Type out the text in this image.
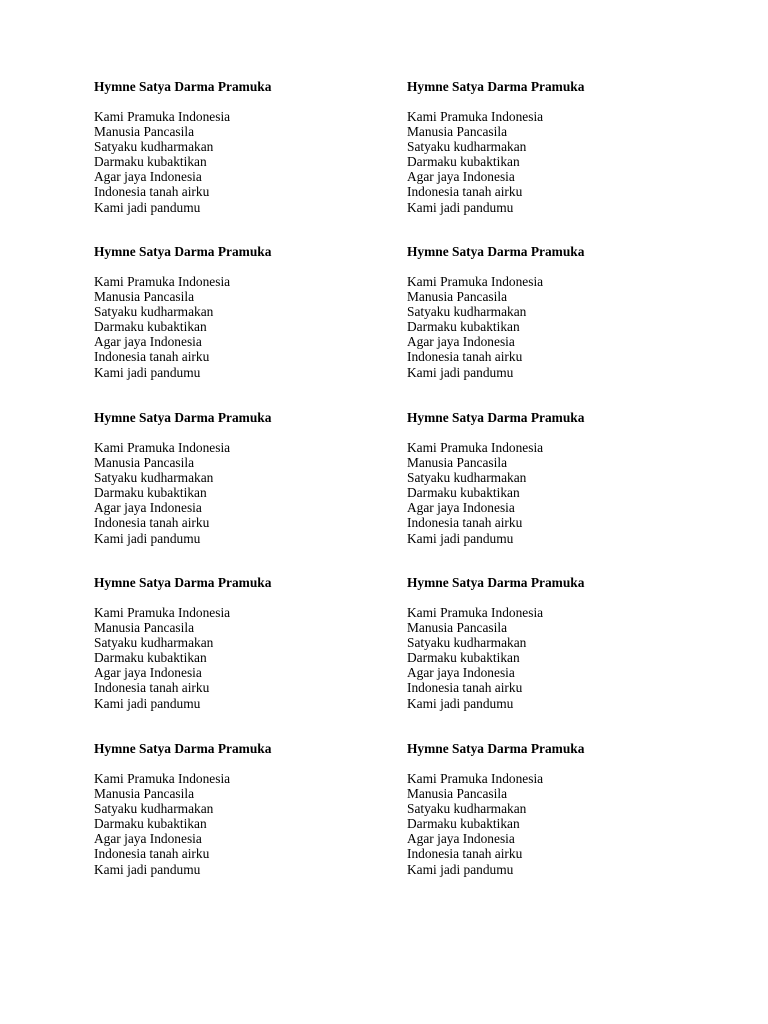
Hymne Satya Darma Pramuka
Kami Pramuka Indonesia
Manusia Pancasila
Satyaku kudharmakan
Darmaku kubaktikan
Agar jaya Indonesia
Indonesia tanah airku
Kami jadi pandumu
Hymne Satya Darma Pramuka
Kami Pramuka Indonesia
Manusia Pancasila
Satyaku kudharmakan
Darmaku kubaktikan
Agar jaya Indonesia
Indonesia tanah airku
Kami jadi pandumu
Hymne Satya Darma Pramuka
Kami Pramuka Indonesia
Manusia Pancasila
Satyaku kudharmakan
Darmaku kubaktikan
Agar jaya Indonesia
Indonesia tanah airku
Kami jadi pandumu
Hymne Satya Darma Pramuka
Kami Pramuka Indonesia
Manusia Pancasila
Satyaku kudharmakan
Darmaku kubaktikan
Agar jaya Indonesia
Indonesia tanah airku
Kami jadi pandumu
Hymne Satya Darma Pramuka
Kami Pramuka Indonesia
Manusia Pancasila
Satyaku kudharmakan
Darmaku kubaktikan
Agar jaya Indonesia
Indonesia tanah airku
Kami jadi pandumu
Hymne Satya Darma Pramuka
Kami Pramuka Indonesia
Manusia Pancasila
Satyaku kudharmakan
Darmaku kubaktikan
Agar jaya Indonesia
Indonesia tanah airku
Kami jadi pandumu
Hymne Satya Darma Pramuka
Kami Pramuka Indonesia
Manusia Pancasila
Satyaku kudharmakan
Darmaku kubaktikan
Agar jaya Indonesia
Indonesia tanah airku
Kami jadi pandumu
Hymne Satya Darma Pramuka
Kami Pramuka Indonesia
Manusia Pancasila
Satyaku kudharmakan
Darmaku kubaktikan
Agar jaya Indonesia
Indonesia tanah airku
Kami jadi pandumu
Hymne Satya Darma Pramuka
Kami Pramuka Indonesia
Manusia Pancasila
Satyaku kudharmakan
Darmaku kubaktikan
Agar jaya Indonesia
Indonesia tanah airku
Kami jadi pandumu
Hymne Satya Darma Pramuka
Kami Pramuka Indonesia
Manusia Pancasila
Satyaku kudharmakan
Darmaku kubaktikan
Agar jaya Indonesia
Indonesia tanah airku
Kami jadi pandumu
